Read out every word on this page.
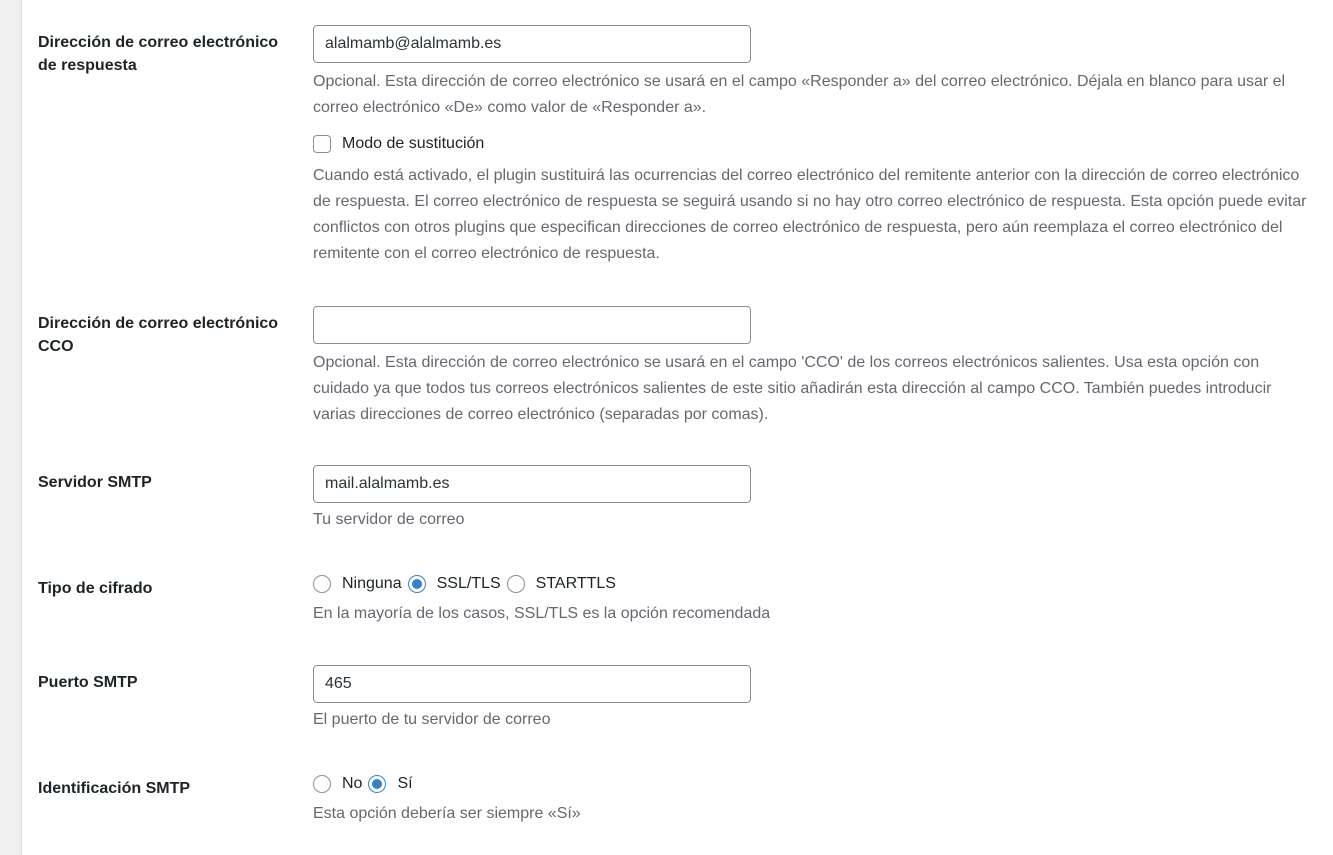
Dirección de correo electrónico de respuesta
alalmamb@alalmamb.es

Opcional. Esta dirección de correo electrónico se usará en el campo «Responder a» del correo electrónico. Déjala en blanco para usar el correo electrónico «De» como valor de «Responder a».

Modo de sustitución

Cuando está activado, el plugin sustituirá las ocurrencias del correo electrónico del remitente anterior con la dirección de correo electrónico de respuesta. El correo electrónico de respuesta se seguirá usando si no hay otro correo electrónico de respuesta. Esta opción puede evitar conflictos con otros plugins que especifican direcciones de correo electrónico de respuesta, pero aún reemplaza el correo electrónico del remitente con el correo electrónico de respuesta.

Dirección de correo electrónico CCO

Opcional. Esta dirección de correo electrónico se usará en el campo 'CCO' de los correos electrónicos salientes. Usa esta opción con cuidado ya que todos tus correos electrónicos salientes de este sitio añadirán esta dirección al campo CCO. También puedes introducir varias direcciones de correo electrónico (separadas por comas).

Servidor SMTP
mail.alalmamb.es

Tu servidor de correo

Tipo de cifrado	Ninguna SSL/TLS STARTTLS

En la mayoría de los casos, SSL/TLS es la opción recomendada

Puerto SMTP
465

El puerto de tu servidor de correo

Identificación SMTP	No Sí

Esta opción debería ser siempre «Sí»
